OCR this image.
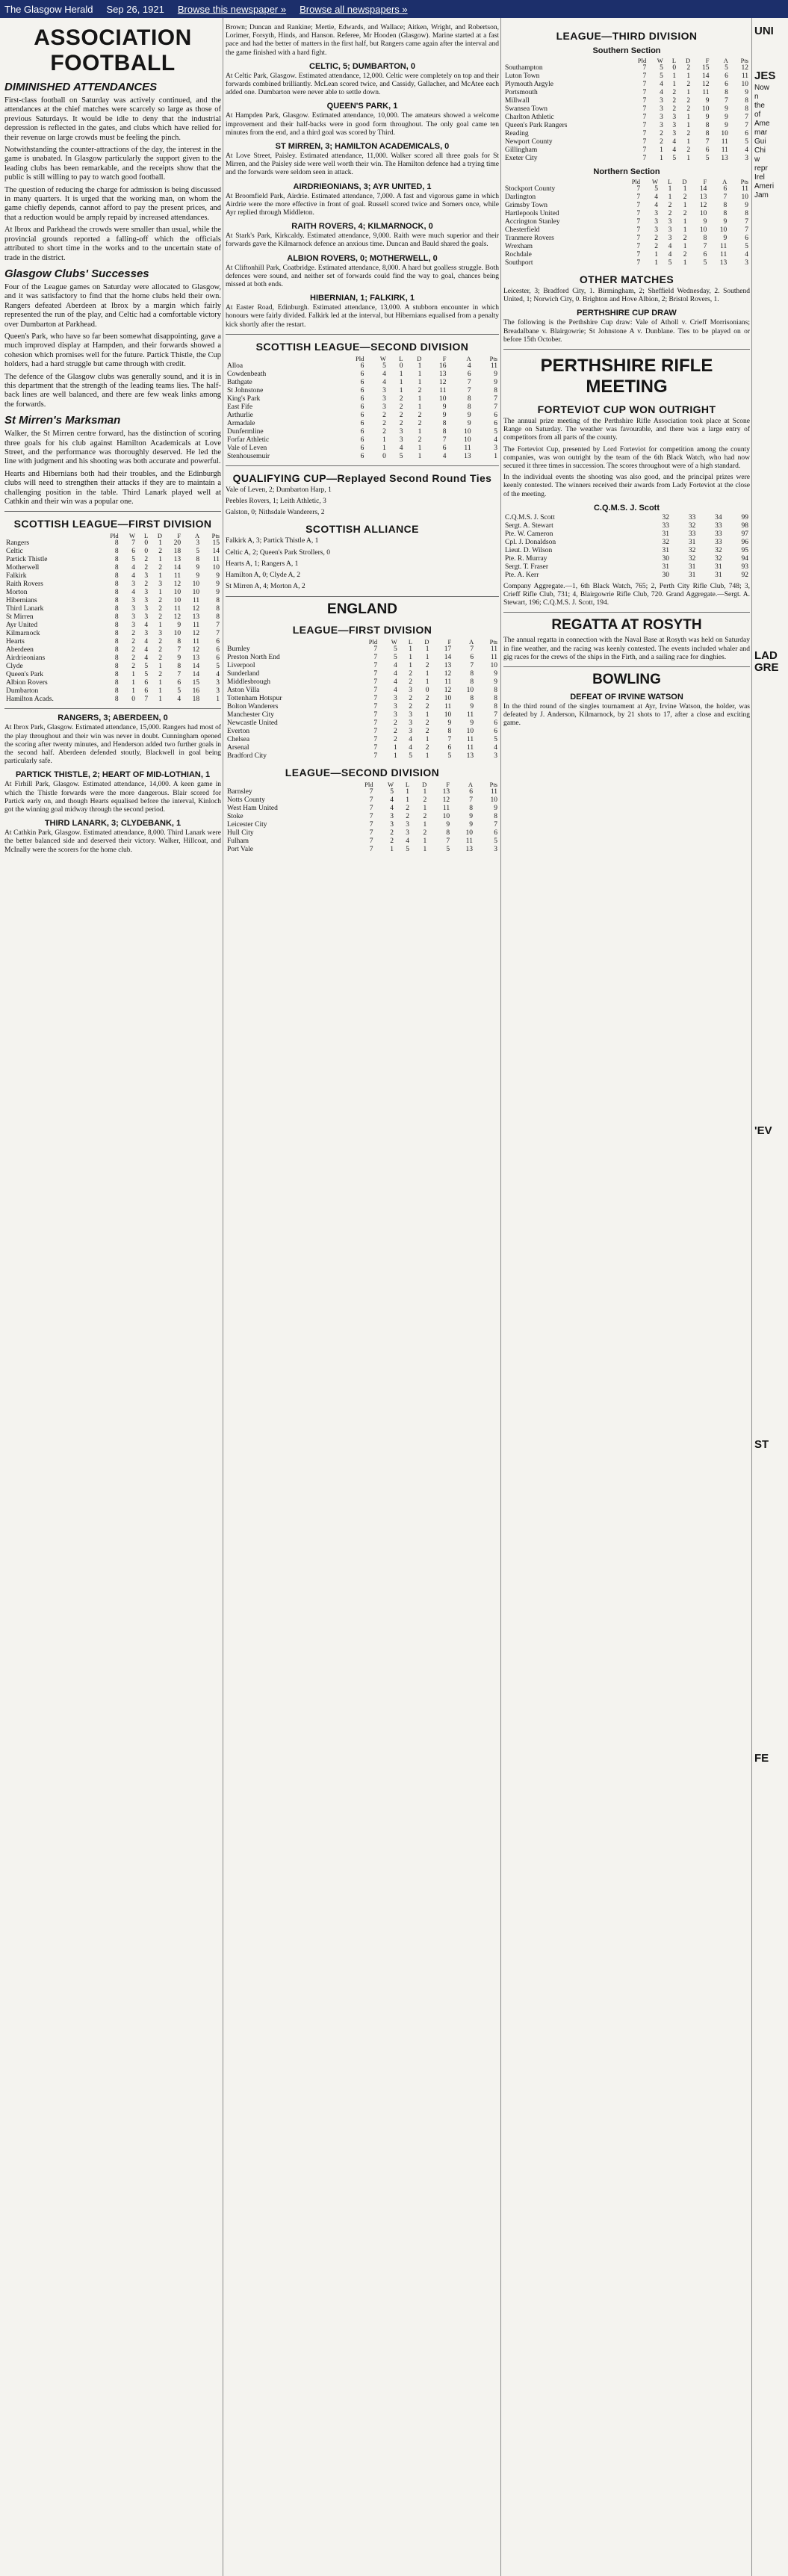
The Glasgow Herald Sep 26, 1921 Browse this newspaper » Browse all newspapers »
ASSOCIATION FOOTBALL
DIMINISHED ATTENDANCES

First-class football on Saturday was actively continued, and the attendances at the chief matches were scarcely so large as those of previous Saturdays. It would be idle to deny that the industrial depression is reflected in the gates, and clubs which have relied for their revenue on large crowds must be feeling the pinch.

Notwithstanding the counter-attractions of the day, the interest in the game is unabated. In Glasgow particularly the support given to the leading clubs has been remarkable, and the receipts show that the public is still willing to pay to watch good football.

The question of reducing the charge for admission is being discussed in many quarters. It is urged that the working man, on whom the game chiefly depends, cannot afford to pay the present prices, and that a reduction would be amply repaid by increased attendances.

At Ibrox and Parkhead the crowds were smaller than usual, while the provincial grounds reported a falling-off which the officials attributed to short time in the works and to the uncertain state of trade in the district.

Glasgow Clubs' Successes

Four of the League games on Saturday were allocated to Glasgow, and it was satisfactory to find that the home clubs held their own. Rangers defeated Aberdeen at Ibrox by a margin which fairly represented the run of the play, and Celtic had a comfortable victory over Dumbarton at Parkhead.

Queen's Park, who have so far been somewhat disappointing, gave a much improved display at Hampden, and their forwards showed a cohesion which promises well for the future. Partick Thistle, the Cup holders, had a hard struggle but came through with credit.

The defence of the Glasgow clubs was generally sound, and it is in this department that the strength of the leading teams lies. The half-back lines are well balanced, and there are few weak links among the forwards.

St Mirren's Marksman

Walker, the St Mirren centre forward, has the distinction of scoring three goals for his club against Hamilton Academicals at Love Street, and the performance was thoroughly deserved. He led the line with judgment and his shooting was both accurate and powerful.

Hearts and Hibernians both had their troubles, and the Edinburgh clubs will need to strengthen their attacks if they are to maintain a challenging position in the table. Third Lanark played well at Cathkin and their win was a popular one.

SCOTTISH LEAGUE—FIRST DIVISION
	Pld	W	L	D	F	A	Pts
Rangers	8	7	0	1	20	3	15
Celtic	8	6	0	2	18	5	14
Partick Thistle	8	5	2	1	13	8	11
Motherwell	8	4	2	2	14	9	10
Falkirk	8	4	3	1	11	9	9
Raith Rovers	8	3	2	3	12	10	9
Morton	8	4	3	1	10	10	9
Hibernians	8	3	3	2	10	11	8
Third Lanark	8	3	3	2	11	12	8
St Mirren	8	3	3	2	12	13	8
Ayr United	8	3	4	1	9	11	7
Kilmarnock	8	2	3	3	10	12	7
Hearts	8	2	4	2	8	11	6
Aberdeen	8	2	4	2	7	12	6
Airdrieonians	8	2	4	2	9	13	6
Clyde	8	2	5	1	8	14	5
Queen's Park	8	1	5	2	7	14	4
Albion Rovers	8	1	6	1	6	15	3
Dumbarton	8	1	6	1	5	16	3
Hamilton Acads.	8	0	7	1	4	18	1
RANGERS, 3; ABERDEEN, 0

At Ibrox Park, Glasgow. Estimated attendance, 15,000. Rangers had most of the play throughout and their win was never in doubt. Cunningham opened the scoring after twenty minutes, and Henderson added two further goals in the second half. Aberdeen defended stoutly, Blackwell in goal being particularly safe.

PARTICK THISTLE, 2; HEART OF MID-LOTHIAN, 1

At Firhill Park, Glasgow. Estimated attendance, 14,000. A keen game in which the Thistle forwards were the more dangerous. Blair scored for Partick early on, and though Hearts equalised before the interval, Kinloch got the winning goal midway through the second period.

THIRD LANARK, 3; CLYDEBANK, 1

At Cathkin Park, Glasgow. Estimated attendance, 8,000. Third Lanark were the better balanced side and deserved their victory. Walker, Hillcoat, and McInally were the scorers for the home club.

Brown; Duncan and Rankine; Mertie, Edwards, and Wallace; Aitken, Wright, and Robertson, Lorimer, Forsyth, Hinds, and Hanson. Referee, Mr Hooden (Glasgow). Marine started at a fast pace and had the better of matters in the first half, but Rangers came again after the interval and the game finished with a hard fight.

CELTIC, 5; DUMBARTON, 0

At Celtic Park, Glasgow. Estimated attendance, 12,000. Celtic were completely on top and their forwards combined brilliantly. McLean scored twice, and Cassidy, Gallacher, and McAtee each added one. Dumbarton were never able to settle down.

QUEEN'S PARK, 1

At Hampden Park, Glasgow. Estimated attendance, 10,000. The amateurs showed a welcome improvement and their half-backs were in good form throughout. The only goal came ten minutes from the end, and a third goal was scored by Third.

ST MIRREN, 3; HAMILTON ACADEMICALS, 0

At Love Street, Paisley. Estimated attendance, 11,000. Walker scored all three goals for St Mirren, and the Paisley side were well worth their win. The Hamilton defence had a trying time and the forwards were seldom seen in attack.

AIRDRIEONIANS, 3; AYR UNITED, 1

At Broomfield Park, Airdrie. Estimated attendance, 7,000. A fast and vigorous game in which Airdrie were the more effective in front of goal. Russell scored twice and Somers once, while Ayr replied through Middleton.

RAITH ROVERS, 4; KILMARNOCK, 0

At Stark's Park, Kirkcaldy. Estimated attendance, 9,000. Raith were much superior and their forwards gave the Kilmarnock defence an anxious time. Duncan and Bauld shared the goals.

ALBION ROVERS, 0; MOTHERWELL, 0

At Cliftonhill Park, Coatbridge. Estimated attendance, 8,000. A hard but goalless struggle. Both defences were sound, and neither set of forwards could find the way to goal, chances being missed at both ends.

HIBERNIAN, 1; FALKIRK, 1

At Easter Road, Edinburgh. Estimated attendance, 13,000. A stubborn encounter in which honours were fairly divided. Falkirk led at the interval, but Hibernians equalised from a penalty kick shortly after the restart.

SCOTTISH LEAGUE—SECOND DIVISION
	Pld	W	L	D	F	A	Pts
Alloa	6	5	0	1	16	4	11
Cowdenbeath	6	4	1	1	13	6	9
Bathgate	6	4	1	1	12	7	9
St Johnstone	6	3	1	2	11	7	8
King's Park	6	3	2	1	10	8	7
East Fife	6	3	2	1	9	8	7
Arthurlie	6	2	2	2	9	9	6
Armadale	6	2	2	2	8	9	6
Dunfermline	6	2	3	1	8	10	5
Forfar Athletic	6	1	3	2	7	10	4
Vale of Leven	6	1	4	1	6	11	3
Stenhousemuir	6	0	5	1	4	13	1
QUALIFYING CUP—Replayed Second Round Ties

Vale of Leven, 2; Dumbarton Harp, 1

Peebles Rovers, 1; Leith Athletic, 3

Galston, 0; Nithsdale Wanderers, 2

SCOTTISH ALLIANCE

Falkirk A, 3; Partick Thistle A, 1

Celtic A, 2; Queen's Park Strollers, 0

Hearts A, 1; Rangers A, 1

Hamilton A, 0; Clyde A, 2

St Mirren A, 4; Morton A, 2

ENGLAND
LEAGUE—FIRST DIVISION
	Pld	W	L	D	F	A	Pts
Burnley	7	5	1	1	17	7	11
Preston North End	7	5	1	1	14	6	11
Liverpool	7	4	1	2	13	7	10
Sunderland	7	4	2	1	12	8	9
Middlesbrough	7	4	2	1	11	8	9
Aston Villa	7	4	3	0	12	10	8
Tottenham Hotspur	7	3	2	2	10	8	8
Bolton Wanderers	7	3	2	2	11	9	8
Manchester City	7	3	3	1	10	11	7
Newcastle United	7	2	3	2	9	9	6
Everton	7	2	3	2	8	10	6
Chelsea	7	2	4	1	7	11	5
Arsenal	7	1	4	2	6	11	4
Bradford City	7	1	5	1	5	13	3
LEAGUE—SECOND DIVISION
	Pld	W	L	D	F	A	Pts
Barnsley	7	5	1	1	13	6	11
Notts County	7	4	1	2	12	7	10
West Ham United	7	4	2	1	11	8	9
Stoke	7	3	2	2	10	9	8
Leicester City	7	3	3	1	9	9	7
Hull City	7	2	3	2	8	10	6
Fulham	7	2	4	1	7	11	5
Port Vale	7	1	5	1	5	13	3
LEAGUE—THIRD DIVISION
Southern Section
	Pld	W	L	D	F	A	Pts
Southampton	7	5	0	2	15	5	12
Luton Town	7	5	1	1	14	6	11
Plymouth Argyle	7	4	1	2	12	6	10
Portsmouth	7	4	2	1	11	8	9
Millwall	7	3	2	2	9	7	8
Swansea Town	7	3	2	2	10	9	8
Charlton Athletic	7	3	3	1	9	9	7
Queen's Park Rangers	7	3	3	1	8	9	7
Reading	7	2	3	2	8	10	6
Newport County	7	2	4	1	7	11	5
Gillingham	7	1	4	2	6	11	4
Exeter City	7	1	5	1	5	13	3
Northern Section
	Pld	W	L	D	F	A	Pts
Stockport County	7	5	1	1	14	6	11
Darlington	7	4	1	2	13	7	10
Grimsby Town	7	4	2	1	12	8	9
Hartlepools United	7	3	2	2	10	8	8
Accrington Stanley	7	3	3	1	9	9	7
Chesterfield	7	3	3	1	10	10	7
Tranmere Rovers	7	2	3	2	8	9	6
Wrexham	7	2	4	1	7	11	5
Rochdale	7	1	4	2	6	11	4
Southport	7	1	5	1	5	13	3
OTHER MATCHES

Leicester, 3; Bradford City, 1. Birmingham, 2; Sheffield Wednesday, 2. Southend United, 1; Norwich City, 0. Brighton and Hove Albion, 2; Bristol Rovers, 1.

PERTHSHIRE CUP DRAW

The following is the Perthshire Cup draw: Vale of Atholl v. Crieff Morrisonians; Breadalbane v. Blairgowrie; St Johnstone A v. Dunblane. Ties to be played on or before 15th October.

PERTHSHIRE RIFLE MEETING
FORTEVIOT CUP WON OUTRIGHT

The annual prize meeting of the Perthshire Rifle Association took place at Scone Range on Saturday. The weather was favourable, and there was a large entry of competitors from all parts of the county.

The Forteviot Cup, presented by Lord Forteviot for competition among the county companies, was won outright by the team of the 6th Black Watch, who had now secured it three times in succession. The scores throughout were of a high standard.

In the individual events the shooting was also good, and the principal prizes were keenly contested. The winners received their awards from Lady Forteviot at the close of the meeting.

C.Q.M.S. J. Scott
C.Q.M.S. J. Scott	32	33	34	99
Sergt. A. Stewart	33	32	33	98
Pte. W. Cameron	31	33	33	97
Cpl. J. Donaldson	32	31	33	96
Lieut. D. Wilson	31	32	32	95
Pte. R. Murray	30	32	32	94
Sergt. T. Fraser	31	31	31	93
Pte. A. Kerr	30	31	31	92

Company Aggregate.—1, 6th Black Watch, 765; 2, Perth City Rifle Club, 748; 3, Crieff Rifle Club, 731; 4, Blairgowrie Rifle Club, 720. Grand Aggregate.—Sergt. A. Stewart, 196; C.Q.M.S. J. Scott, 194.

REGATTA AT ROSYTH

The annual regatta in connection with the Naval Base at Rosyth was held on Saturday in fine weather, and the racing was keenly contested. The events included whaler and gig races for the crews of the ships in the Firth, and a sailing race for dinghies.

BOWLING
DEFEAT OF IRVINE WATSON

In the third round of the singles tournament at Ayr, Irvine Watson, the holder, was defeated by J. Anderson, Kilmarnock, by 21 shots to 17, after a close and exciting game.

UNI
JES
Now
n
the
of
Ame
mar
Gui
Chi
w
repr
Irel
Ameri
Jam
LAD
GRE
'EV
ST
FE
